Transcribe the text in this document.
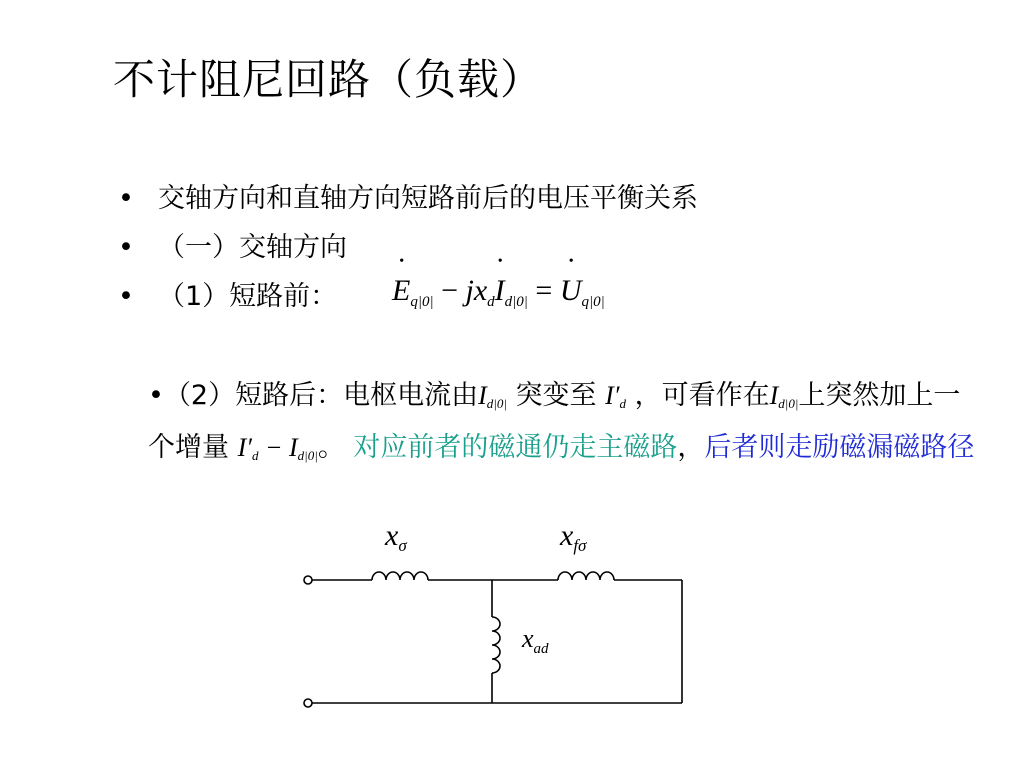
不计阻尼回路（负载）
• 交轴方向和直轴方向短路前后的电压平衡关系
• （一）交轴方向
• （1）短路前： • $E_{q|0|}$ − $jx_d•$ $I_{d|0|}$ = • $U_{q|0|}$
•（2）短路后：电枢电流由$I_{d|0|}$ 突变至 $I'_d$ ，可看作在$I_{d|0|}$上突然加上一个增量 $I'_d - I_{d|0|}$。 对应前者的磁通仍走主磁路，后者则走励磁漏磁路径
$x_\sigma$	$x_{f\sigma}$
$x_{ad}$
